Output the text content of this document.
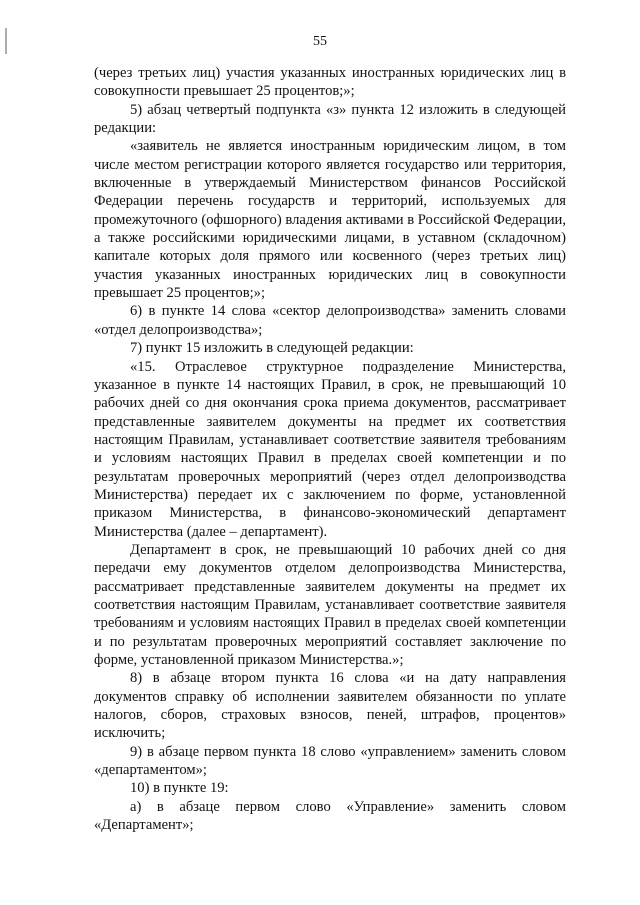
55

(через третьих лиц) участия указанных иностранных юридических лиц в совокупности превышает 25 процентов;»;

5) абзац четвертый подпункта «з» пункта 12 изложить в следующей редакции:

«заявитель не является иностранным юридическим лицом, в том числе местом регистрации которого является государство или территория, включенные в утверждаемый Министерством финансов Российской Федерации перечень государств и территорий, используемых для промежуточного (офшорного) владения активами в Российской Федерации, а также российскими юридическими лицами, в уставном (складочном) капитале которых доля прямого или косвенного (через третьих лиц) участия указанных иностранных юридических лиц в совокупности превышает 25 процентов;»;

6) в пункте 14 слова «сектор делопроизводства» заменить словами «отдел делопроизводства»;

7) пункт 15 изложить в следующей редакции:

«15. Отраслевое структурное подразделение Министерства, указанное в пункте 14 настоящих Правил, в срок, не превышающий 10 рабочих дней со дня окончания срока приема документов, рассматривает представленные заявителем документы на предмет их соответствия настоящим Правилам, устанавливает соответствие заявителя требованиям и условиям настоящих Правил в пределах своей компетенции и по результатам проверочных мероприятий (через отдел делопроизводства Министерства) передает их с заключением по форме, установленной приказом Министерства, в финансово-экономический департамент Министерства (далее – департамент).

Департамент в срок, не превышающий 10 рабочих дней со дня передачи ему документов отделом делопроизводства Министерства, рассматривает представленные заявителем документы на предмет их соответствия настоящим Правилам, устанавливает соответствие заявителя требованиям и условиям настоящих Правил в пределах своей компетенции и по результатам проверочных мероприятий составляет заключение по форме, установленной приказом Министерства.»;

8) в абзаце втором пункта 16 слова «и на дату направления документов справку об исполнении заявителем обязанности по уплате налогов, сборов, страховых взносов, пеней, штрафов, процентов» исключить;

9) в абзаце первом пункта 18 слово «управлением» заменить словом «департаментом»;

10) в пункте 19:

а) в абзаце первом слово «Управление» заменить словом «Департамент»;
